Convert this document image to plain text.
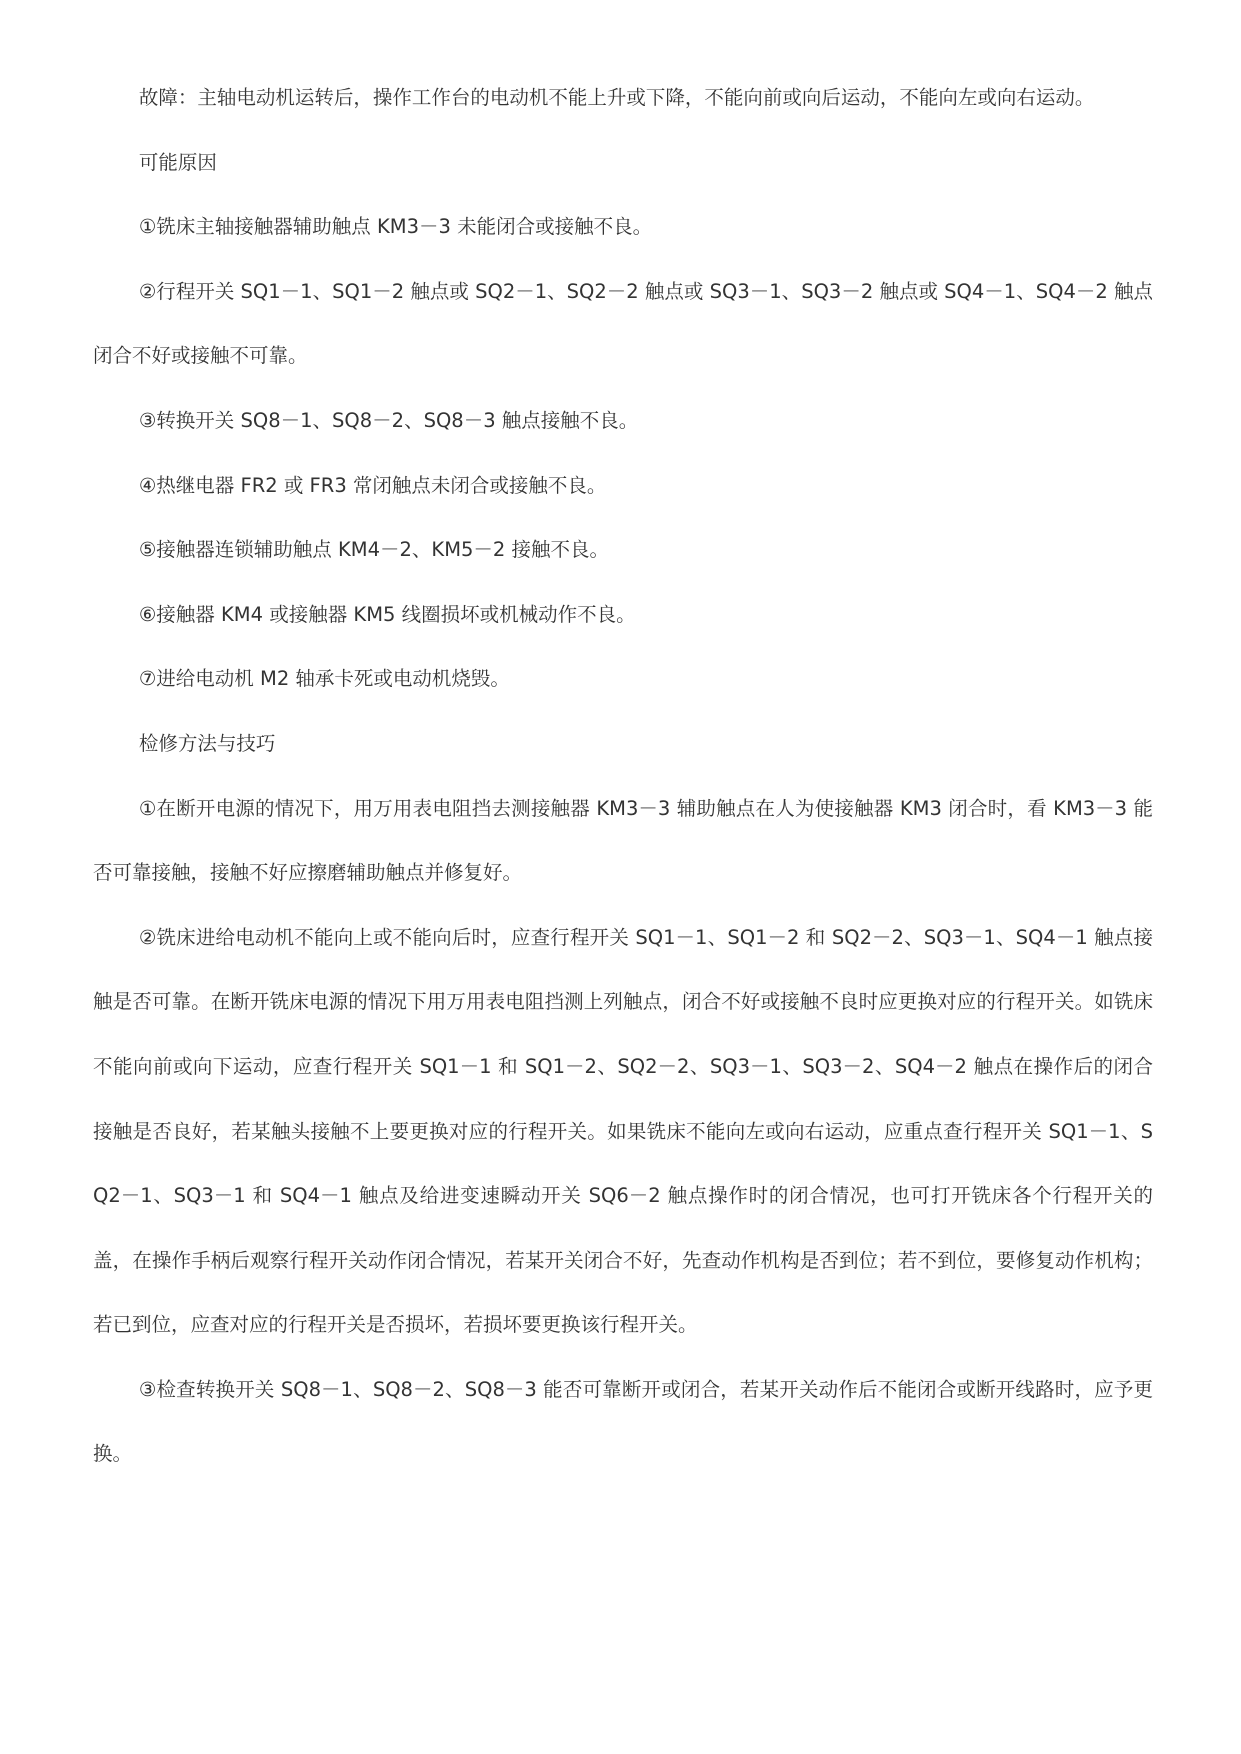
故障：主轴电动机运转后，操作工作台的电动机不能上升或下降，不能向前或向后运动，不能向左或向右运动。

可能原因

①铣床主轴接触器辅助触点 KM3－3 未能闭合或接触不良。

②行程开关 SQ1－1、SQ1－2 触点或 SQ2－1、SQ2－2 触点或 SQ3－1、SQ3－2 触点或 SQ4－1、SQ4－2 触点闭合不好或接触不可靠。

③转换开关 SQ8－1、SQ8－2、SQ8－3 触点接触不良。

④热继电器 FR2 或 FR3 常闭触点未闭合或接触不良。

⑤接触器连锁辅助触点 KM4－2、KM5－2 接触不良。

⑥接触器 KM4 或接触器 KM5 线圈损坏或机械动作不良。

⑦进给电动机 M2 轴承卡死或电动机烧毁。

检修方法与技巧

①在断开电源的情况下，用万用表电阻挡去测接触器 KM3－3 辅助触点在人为使接触器 KM3 闭合时，看 KM3－3 能否可靠接触，接触不好应擦磨辅助触点并修复好。

②铣床进给电动机不能向上或不能向后时，应查行程开关 SQ1－1、SQ1－2 和 SQ2－2、SQ3－1、SQ4－1 触点接触是否可靠。在断开铣床电源的情况下用万用表电阻挡测上列触点，闭合不好或接触不良时应更换对应的行程开关。如铣床不能向前或向下运动，应查行程开关 SQ1－1 和 SQ1－2、SQ2－2、SQ3－1、SQ3－2、SQ4－2 触点在操作后的闭合接触是否良好，若某触头接触不上要更换对应的行程开关。如果铣床不能向左或向右运动，应重点查行程开关 SQ1－1、SQ2－1、SQ3－1 和 SQ4－1 触点及给进变速瞬动开关 SQ6－2 触点操作时的闭合情况，也可打开铣床各个行程开关的盖，在操作手柄后观察行程开关动作闭合情况，若某开关闭合不好，先查动作机构是否到位；若不到位，要修复动作机构；若已到位，应查对应的行程开关是否损坏，若损坏要更换该行程开关。

③检查转换开关 SQ8－1、SQ8－2、SQ8－3 能否可靠断开或闭合，若某开关动作后不能闭合或断开线路时，应予更换。
